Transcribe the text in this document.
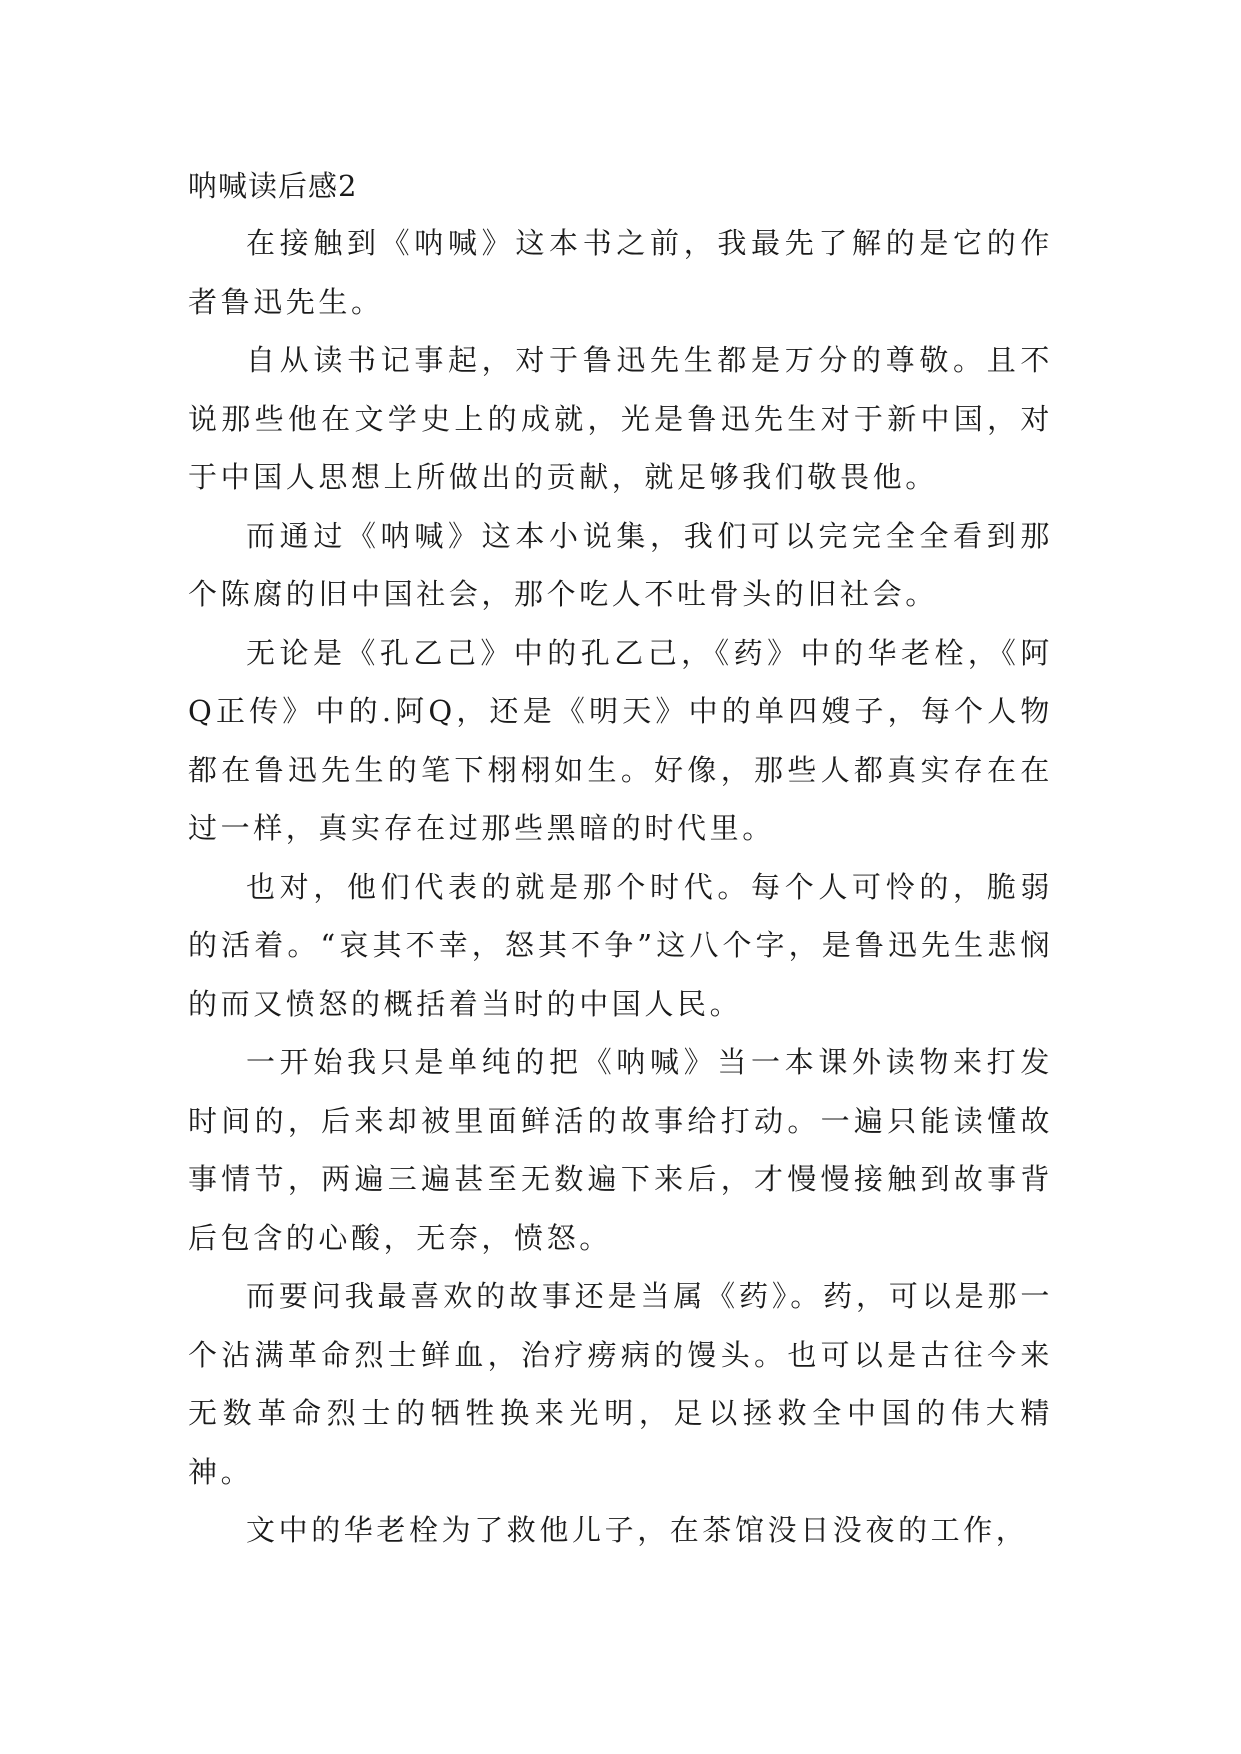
呐喊读后感2

在接触到《呐喊》这本书之前，我最先了解的是它的作者鲁迅先生。

自从读书记事起，对于鲁迅先生都是万分的尊敬。且不说那些他在文学史上的成就，光是鲁迅先生对于新中国，对于中国人思想上所做出的贡献，就足够我们敬畏他。

而通过《呐喊》这本小说集，我们可以完完全全看到那个陈腐的旧中国社会，那个吃人不吐骨头的旧社会。

无论是《孔乙己》中的孔乙己，《药》中的华老栓，《阿Q正传》中的.阿Q，还是《明天》中的单四嫂子，每个人物都在鲁迅先生的笔下栩栩如生。好像，那些人都真实存在在过一样，真实存在过那些黑暗的时代里。

也对，他们代表的就是那个时代。每个人可怜的，脆弱的活着。“哀其不幸，怒其不争”这八个字，是鲁迅先生悲悯的而又愤怒的概括着当时的中国人民。

一开始我只是单纯的把《呐喊》当一本课外读物来打发时间的，后来却被里面鲜活的故事给打动。一遍只能读懂故事情节，两遍三遍甚至无数遍下来后，才慢慢接触到故事背后包含的心酸，无奈，愤怒。

而要问我最喜欢的故事还是当属《药》。药，可以是那一个沾满革命烈士鲜血，治疗痨病的馒头。也可以是古往今来无数革命烈士的牺牲换来光明，足以拯救全中国的伟大精神。

文中的华老栓为了救他儿子，在茶馆没日没夜的工作，
